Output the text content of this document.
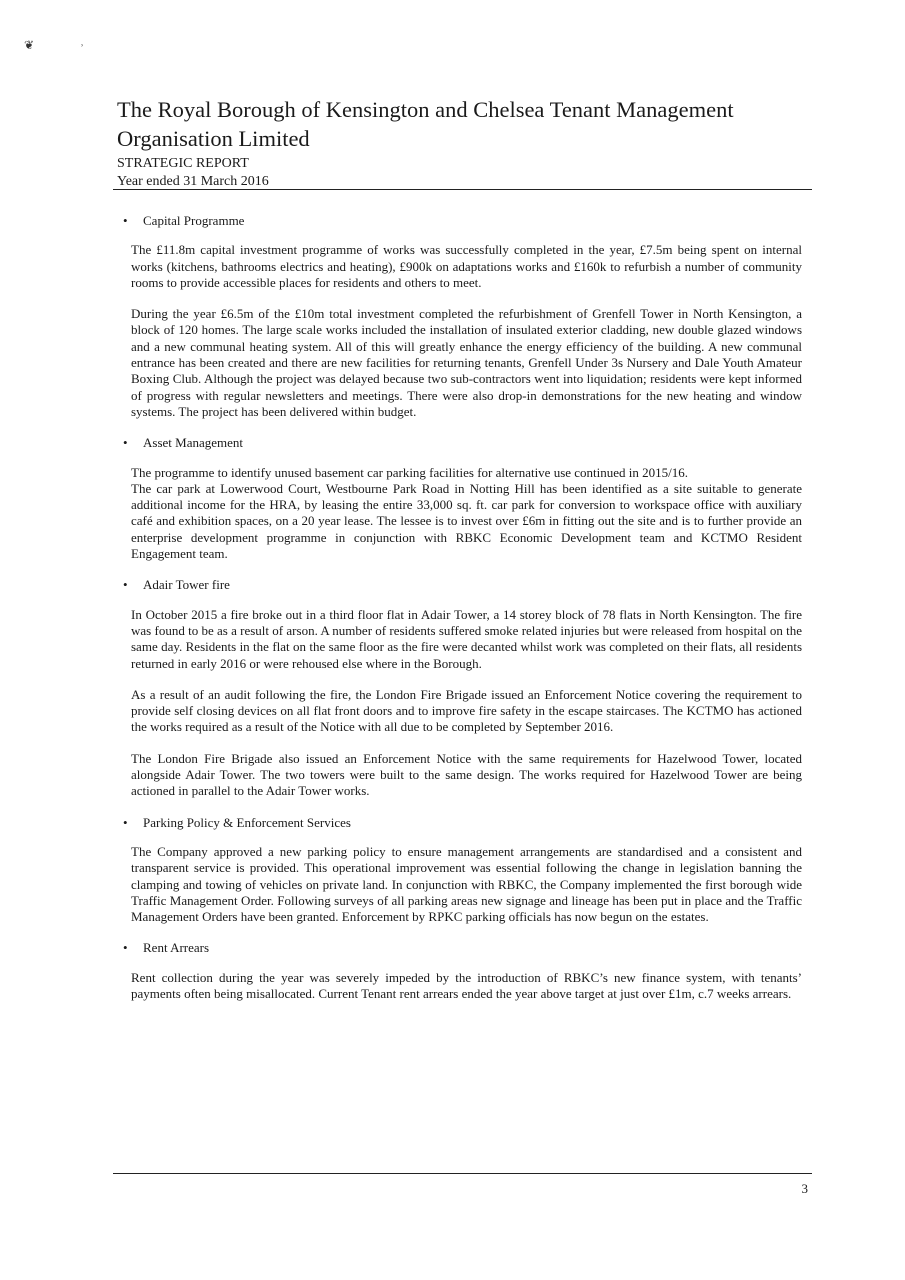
❦	˒
The Royal Borough of Kensington and Chelsea Tenant Management Organisation Limited

STRATEGIC REPORT

Year ended 31 March 2016

• Capital Programme

The £11.8m capital investment programme of works was successfully completed in the year, £7.5m being spent on internal works (kitchens, bathrooms electrics and heating), £900k on adaptations works and £160k to refurbish a number of community rooms to provide accessible places for residents and others to meet.

During the year £6.5m of the £10m total investment completed the refurbishment of Grenfell Tower in North Kensington, a block of 120 homes. The large scale works included the installation of insulated exterior cladding, new double glazed windows and a new communal heating system. All of this will greatly enhance the energy efficiency of the building. A new communal entrance has been created and there are new facilities for returning tenants, Grenfell Under 3s Nursery and Dale Youth Amateur Boxing Club. Although the project was delayed because two sub-contractors went into liquidation; residents were kept informed of progress with regular newsletters and meetings. There were also drop-in demonstrations for the new heating and window systems. The project has been delivered within budget.

• Asset Management

The programme to identify unused basement car parking facilities for alternative use continued in 2015/16.

The car park at Lowerwood Court, Westbourne Park Road in Notting Hill has been identified as a site suitable to generate additional income for the HRA, by leasing the entire 33,000 sq. ft. car park for conversion to workspace office with auxiliary café and exhibition spaces, on a 20 year lease. The lessee is to invest over £6m in fitting out the site and is to further provide an enterprise development programme in conjunction with RBKC Economic Development team and KCTMO Resident Engagement team.

• Adair Tower fire

In October 2015 a fire broke out in a third floor flat in Adair Tower, a 14 storey block of 78 flats in North Kensington. The fire was found to be as a result of arson. A number of residents suffered smoke related injuries but were released from hospital on the same day. Residents in the flat on the same floor as the fire were decanted whilst work was completed on their flats, all residents returned in early 2016 or were rehoused else where in the Borough.

As a result of an audit following the fire, the London Fire Brigade issued an Enforcement Notice covering the requirement to provide self closing devices on all flat front doors and to improve fire safety in the escape staircases. The KCTMO has actioned the works required as a result of the Notice with all due to be completed by September 2016.

The London Fire Brigade also issued an Enforcement Notice with the same requirements for Hazelwood Tower, located alongside Adair Tower. The two towers were built to the same design. The works required for Hazelwood Tower are being actioned in parallel to the Adair Tower works.

• Parking Policy & Enforcement Services

The Company approved a new parking policy to ensure management arrangements are standardised and a consistent and transparent service is provided. This operational improvement was essential following the change in legislation banning the clamping and towing of vehicles on private land. In conjunction with RBKC, the Company implemented the first borough wide Traffic Management Order. Following surveys of all parking areas new signage and lineage has been put in place and the Traffic Management Orders have been granted. Enforcement by RPKC parking officials has now begun on the estates.

• Rent Arrears

Rent collection during the year was severely impeded by the introduction of RBKC’s new finance system, with tenants’ payments often being misallocated. Current Tenant rent arrears ended the year above target at just over £1m, c.7 weeks arrears.

3
